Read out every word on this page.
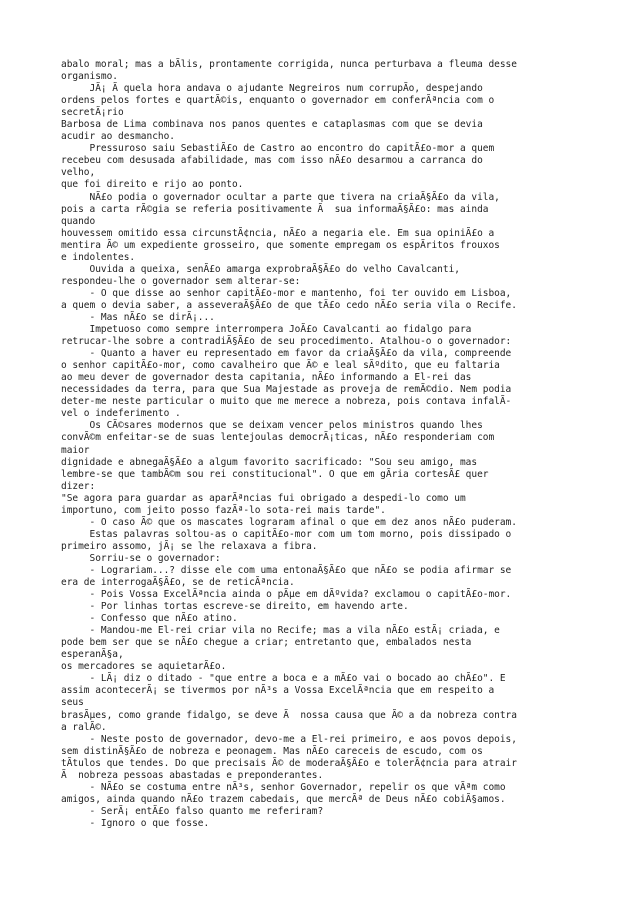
abalo moral; mas a bÃlis, prontamente corrigida, nunca perturbava a fleuma desse
organismo.
JÃ¡ Ã quela hora andava o ajudante Negreiros num corrupÃo, despejando
ordens pelos fortes e quartÃ©is, enquanto o governador em conferÃªncia com o
secretÃ¡rio
Barbosa de Lima combinava nos panos quentes e cataplasmas com que se devia
acudir ao desmancho.
Pressuroso saiu SebastiÃ£o de Castro ao encontro do capitÃ£o-mor a quem
recebeu com desusada afabilidade, mas com isso nÃ£o desarmou a carranca do
velho,
que foi direito e rijo ao ponto.
NÃ£o podia o governador ocultar a parte que tivera na criaÃ§Ã£o da vila,
pois a carta rÃ©gia se referia positivamente Ã  sua informaÃ§Ã£o: mas ainda
quando
houvessem omitido essa circunstÃ¢ncia, nÃ£o a negaria ele. Em sua opiniÃ£o a
mentira Ã© um expediente grosseiro, que somente empregam os espÃritos frouxos
e indolentes.
Ouvida a queixa, senÃ£o amarga exprobraÃ§Ã£o do velho Cavalcanti,
respondeu-lhe o governador sem alterar-se:
- O que disse ao senhor capitÃ£o-mor e mantenho, foi ter ouvido em Lisboa,
a quem o devia saber, a asseveraÃ§Ã£o de que tÃ£o cedo nÃ£o seria vila o Recife.
- Mas nÃ£o se dirÃ¡...
Impetuoso como sempre interrompera JoÃ£o Cavalcanti ao fidalgo para
retrucar-lhe sobre a contradiÃ§Ã£o de seu procedimento. Atalhou-o o governador:
- Quanto a haver eu representado em favor da criaÃ§Ã£o da vila, compreende
o senhor capitÃ£o-mor, como cavalheiro que Ã© e leal sÃºdito, que eu faltaria
ao meu dever de governador desta capitania, nÃ£o informando a El-rei das
necessidades da terra, para que Sua Majestade as proveja de remÃ©dio. Nem podia
deter-me neste particular o muito que me merece a nobreza, pois contava infalÃ-
vel o indeferimento .
Os CÃ©sares modernos que se deixam vencer pelos ministros quando lhes
convÃ©m enfeitar-se de suas lentejoulas democrÃ¡ticas, nÃ£o responderiam com
maior
dignidade e abnegaÃ§Ã£o a algum favorito sacrificado: "Sou seu amigo, mas
lembre-se que tambÃ©m sou rei constitucional". O que em gÃria cortesÃ£ quer
dizer:
"Se agora para guardar as aparÃªncias fui obrigado a despedi-lo como um
importuno, com jeito posso fazÃª-lo sota-rei mais tarde".
- O caso Ã© que os mascates lograram afinal o que em dez anos nÃ£o puderam.
Estas palavras soltou-as o capitÃ£o-mor com um tom morno, pois dissipado o
primeiro assomo, jÃ¡ se lhe relaxava a fibra.
Sorriu-se o governador:
- Lograriam...? disse ele com uma entonaÃ§Ã£o que nÃ£o se podia afirmar se
era de interrogaÃ§Ã£o, se de reticÃªncia.
- Pois Vossa ExcelÃªncia ainda o pÃµe em dÃºvida? exclamou o capitÃ£o-mor.
- Por linhas tortas escreve-se direito, em havendo arte.
- Confesso que nÃ£o atino.
- Mandou-me El-rei criar vila no Recife; mas a vila nÃ£o estÃ¡ criada, e
pode bem ser que se nÃ£o chegue a criar; entretanto que, embalados nesta
esperanÃ§a,
os mercadores se aquietarÃ£o.
- LÃ¡ diz o ditado - "que entre a boca e a mÃ£o vai o bocado ao chÃ£o". E
assim acontecerÃ¡ se tivermos por nÃ³s a Vossa ExcelÃªncia que em respeito a
seus
brasÃµes, como grande fidalgo, se deve Ã  nossa causa que Ã© a da nobreza contra
a ralÃ©.
- Neste posto de governador, devo-me a El-rei primeiro, e aos povos depois,
sem distinÃ§Ã£o de nobreza e peonagem. Mas nÃ£o careceis de escudo, com os
tÃtulos que tendes. Do que precisais Ã© de moderaÃ§Ã£o e tolerÃ¢ncia para atrair
Ã  nobreza pessoas abastadas e preponderantes.
- NÃ£o se costuma entre nÃ³s, senhor Governador, repelir os que vÃªm como
amigos, ainda quando nÃ£o trazem cabedais, que mercÃª de Deus nÃ£o cobiÃ§amos.
- SerÃ¡ entÃ£o falso quanto me referiram?
- Ignoro o que fosse.
